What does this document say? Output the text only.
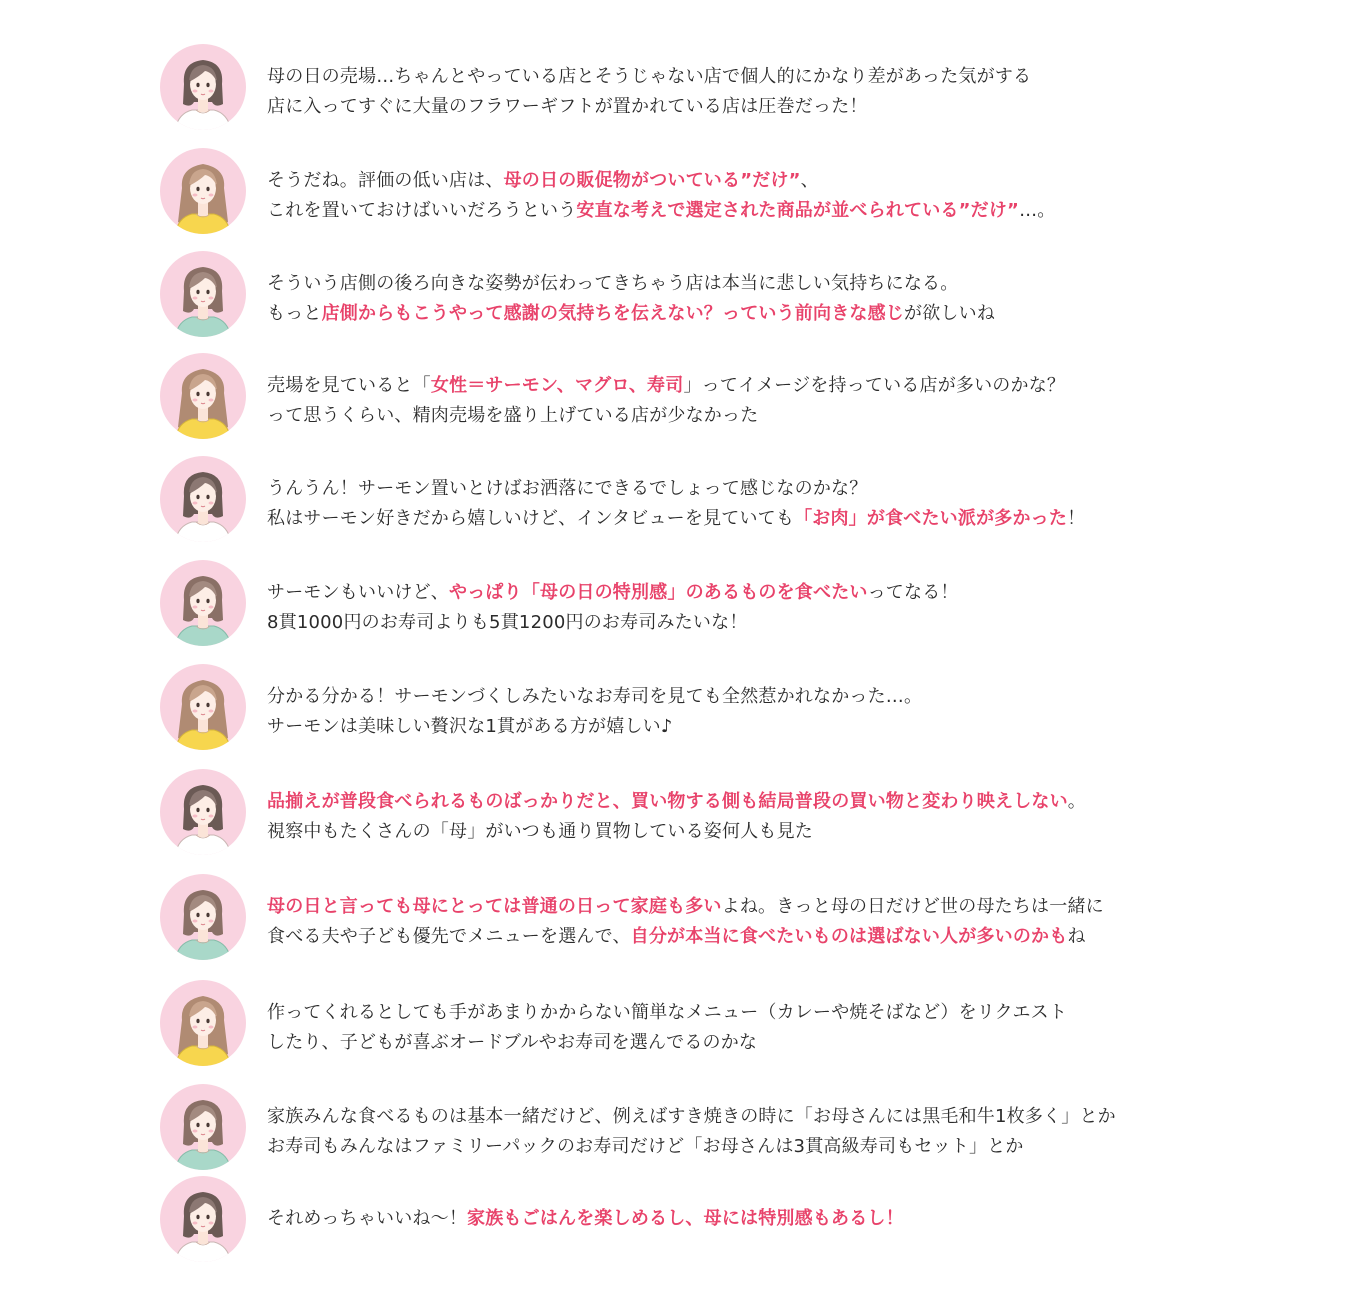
母の日の売場…ちゃんとやっている店とそうじゃない店で個人的にかなり差があった気がする
店に入ってすぐに大量のフラワーギフトが置かれている店は圧巻だった！
そうだね。評価の低い店は、母の日の販促物がついている”だけ”、
これを置いておけばいいだろうという安直な考えで選定された商品が並べられている”だけ”…。
そういう店側の後ろ向きな姿勢が伝わってきちゃう店は本当に悲しい気持ちになる。
もっと店側からもこうやって感謝の気持ちを伝えない？っていう前向きな感じが欲しいね
売場を見ていると「女性＝サーモン、マグロ、寿司」ってイメージを持っている店が多いのかな？
って思うくらい、精肉売場を盛り上げている店が少なかった
うんうん！サーモン置いとけばお洒落にできるでしょって感じなのかな？
私はサーモン好きだから嬉しいけど、インタビューを見ていても「お肉」が食べたい派が多かった！
サーモンもいいけど、やっぱり「母の日の特別感」のあるものを食べたいってなる！
8貫1000円のお寿司よりも5貫1200円のお寿司みたいな！
分かる分かる！サーモンづくしみたいなお寿司を見ても全然惹かれなかった…。
サーモンは美味しい贅沢な1貫がある方が嬉しい♪
品揃えが普段食べられるものばっかりだと、買い物する側も結局普段の買い物と変わり映えしない。
視察中もたくさんの「母」がいつも通り買物している姿何人も見た
母の日と言っても母にとっては普通の日って家庭も多いよね。きっと母の日だけど世の母たちは一緒に
食べる夫や子ども優先でメニューを選んで、自分が本当に食べたいものは選ばない人が多いのかもね
作ってくれるとしても手があまりかからない簡単なメニュー（カレーや焼そばなど）をリクエスト
したり、子どもが喜ぶオードブルやお寿司を選んでるのかな
家族みんな食べるものは基本一緒だけど、例えばすき焼きの時に「お母さんには黒毛和牛1枚多く」とか
お寿司もみんなはファミリーパックのお寿司だけど「お母さんは3貫高級寿司もセット」とか
それめっちゃいいね～！家族もごはんを楽しめるし、母には特別感もあるし！
